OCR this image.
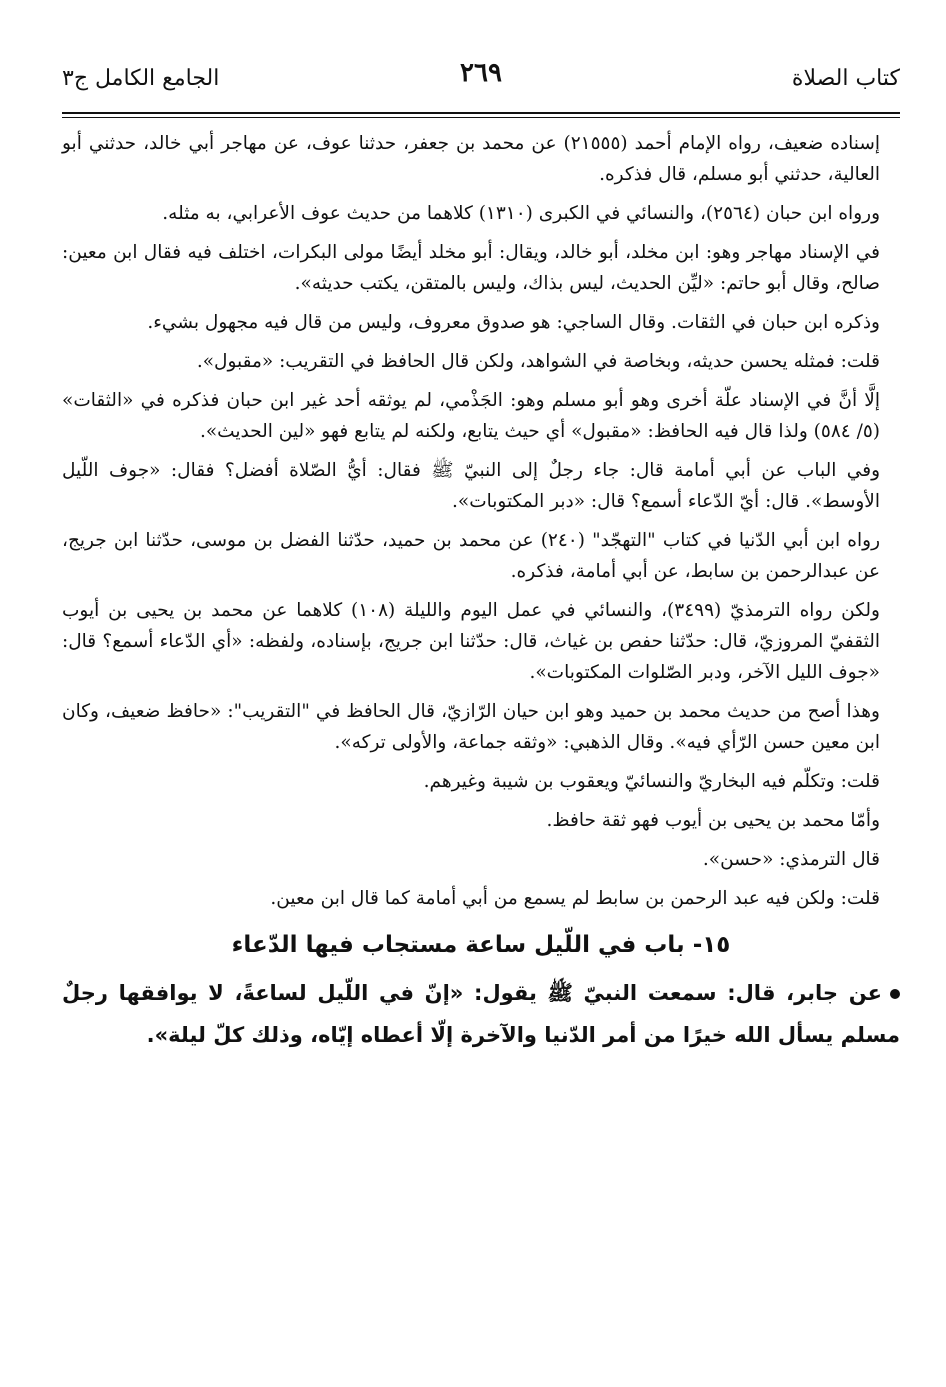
كتاب الصلاة
٢٦٩
الجامع الكامل ج٣

إسناده ضعيف، رواه الإمام أحمد (٢١٥٥٥) عن محمد بن جعفر، حدثنا عوف، عن مهاجر أبي خالد، حدثني أبو العالية، حدثني أبو مسلم، قال فذكره.

ورواه ابن حبان (٢٥٦٤)، والنسائي في الكبرى (١٣١٠) كلاهما من حديث عوف الأعرابي، به مثله.

في الإسناد مهاجر وهو: ابن مخلد، أبو خالد، ويقال: أبو مخلد أيضًا مولى البكرات، اختلف فيه فقال ابن معين: صالح، وقال أبو حاتم: «ليِّن الحديث، ليس بذاك، وليس بالمتقن، يكتب حديثه».

وذكره ابن حبان في الثقات. وقال الساجي: هو صدوق معروف، وليس من قال فيه مجهول بشيء.

قلت: فمثله يحسن حديثه، وبخاصة في الشواهد، ولكن قال الحافظ في التقريب: «مقبول».

إلَّا أنَّ في الإسناد علّة أخرى وهو أبو مسلم وهو: الجَذْمي، لم يوثقه أحد غير ابن حبان فذكره في «الثقات» (٥/ ٥٨٤) ولذا قال فيه الحافظ: «مقبول» أي حيث يتابع، ولكنه لم يتابع فهو «لين الحديث».

وفي الباب عن أبي أمامة قال: جاء رجلٌ إلى النبيّ ﷺ فقال: أيُّ الصّلاة أفضل؟ فقال: «جوف اللّيل الأوسط». قال: أيّ الدّعاء أسمع؟ قال: «دبر المكتوبات».

رواه ابن أبي الدّنيا في كتاب "التهجّد" (٢٤٠) عن محمد بن حميد، حدّثنا الفضل بن موسى، حدّثنا ابن جريج، عن عبدالرحمن بن سابط، عن أبي أمامة، فذكره.

ولكن رواه الترمذيّ (٣٤٩٩)، والنسائي في عمل اليوم والليلة (١٠٨) كلاهما عن محمد بن يحيى بن أيوب الثقفيّ المروزيّ، قال: حدّثنا حفص بن غياث، قال: حدّثنا ابن جريج، بإسناده، ولفظه: «أي الدّعاء أسمع؟ قال: «جوف الليل الآخر، ودبر الصّلوات المكتوبات».

وهذا أصح من حديث محمد بن حميد وهو ابن حيان الرّازيّ، قال الحافظ في "التقريب": «حافظ ضعيف، وكان ابن معين حسن الرّأي فيه». وقال الذهبي: «وثقه جماعة، والأولى تركه».

قلت: وتكلّم فيه البخاريّ والنسائيّ ويعقوب بن شيبة وغيرهم.

وأمّا محمد بن يحيى بن أيوب فهو ثقة حافظ.

قال الترمذي: «حسن».

قلت: ولكن فيه عبد الرحمن بن سابط لم يسمع من أبي أمامة كما قال ابن معين.

١٥- باب في اللّيل ساعة مستجاب فيها الدّعاء

عن جابر، قال: سمعت النبيّ ﷺ يقول: «إنّ في اللّيل لساعةً، لا يوافقها رجلٌ مسلم يسأل الله خيرًا من أمر الدّنيا والآخرة إلّا أعطاه إيّاه، وذلك كلّ ليلة».
